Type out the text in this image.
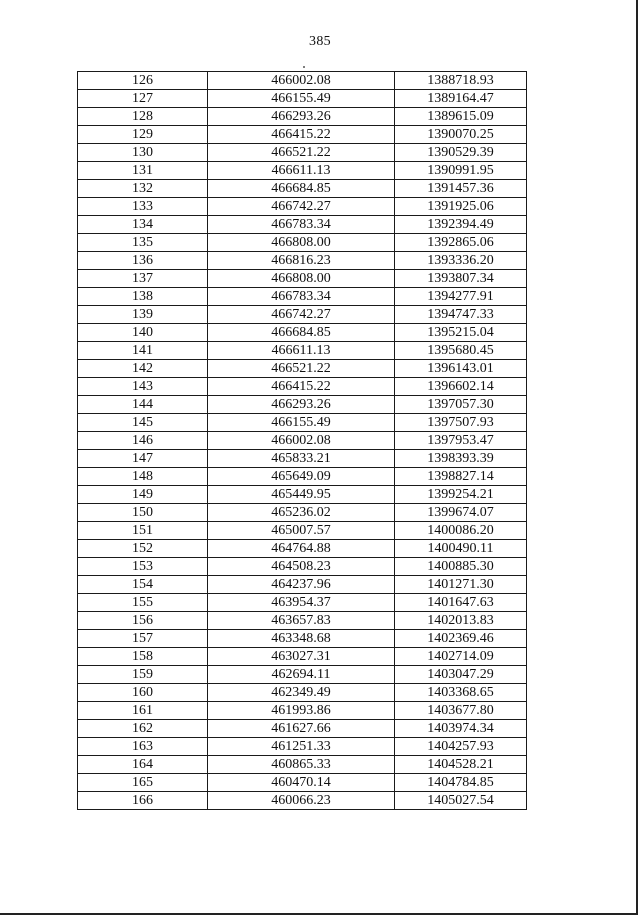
385
126	466002.08	1388718.93
127	466155.49	1389164.47
128	466293.26	1389615.09
129	466415.22	1390070.25
130	466521.22	1390529.39
131	466611.13	1390991.95
132	466684.85	1391457.36
133	466742.27	1391925.06
134	466783.34	1392394.49
135	466808.00	1392865.06
136	466816.23	1393336.20
137	466808.00	1393807.34
138	466783.34	1394277.91
139	466742.27	1394747.33
140	466684.85	1395215.04
141	466611.13	1395680.45
142	466521.22	1396143.01
143	466415.22	1396602.14
144	466293.26	1397057.30
145	466155.49	1397507.93
146	466002.08	1397953.47
147	465833.21	1398393.39
148	465649.09	1398827.14
149	465449.95	1399254.21
150	465236.02	1399674.07
151	465007.57	1400086.20
152	464764.88	1400490.11
153	464508.23	1400885.30
154	464237.96	1401271.30
155	463954.37	1401647.63
156	463657.83	1402013.83
157	463348.68	1402369.46
158	463027.31	1402714.09
159	462694.11	1403047.29
160	462349.49	1403368.65
161	461993.86	1403677.80
162	461627.66	1403974.34
163	461251.33	1404257.93
164	460865.33	1404528.21
165	460470.14	1404784.85
166	460066.23	1405027.54
